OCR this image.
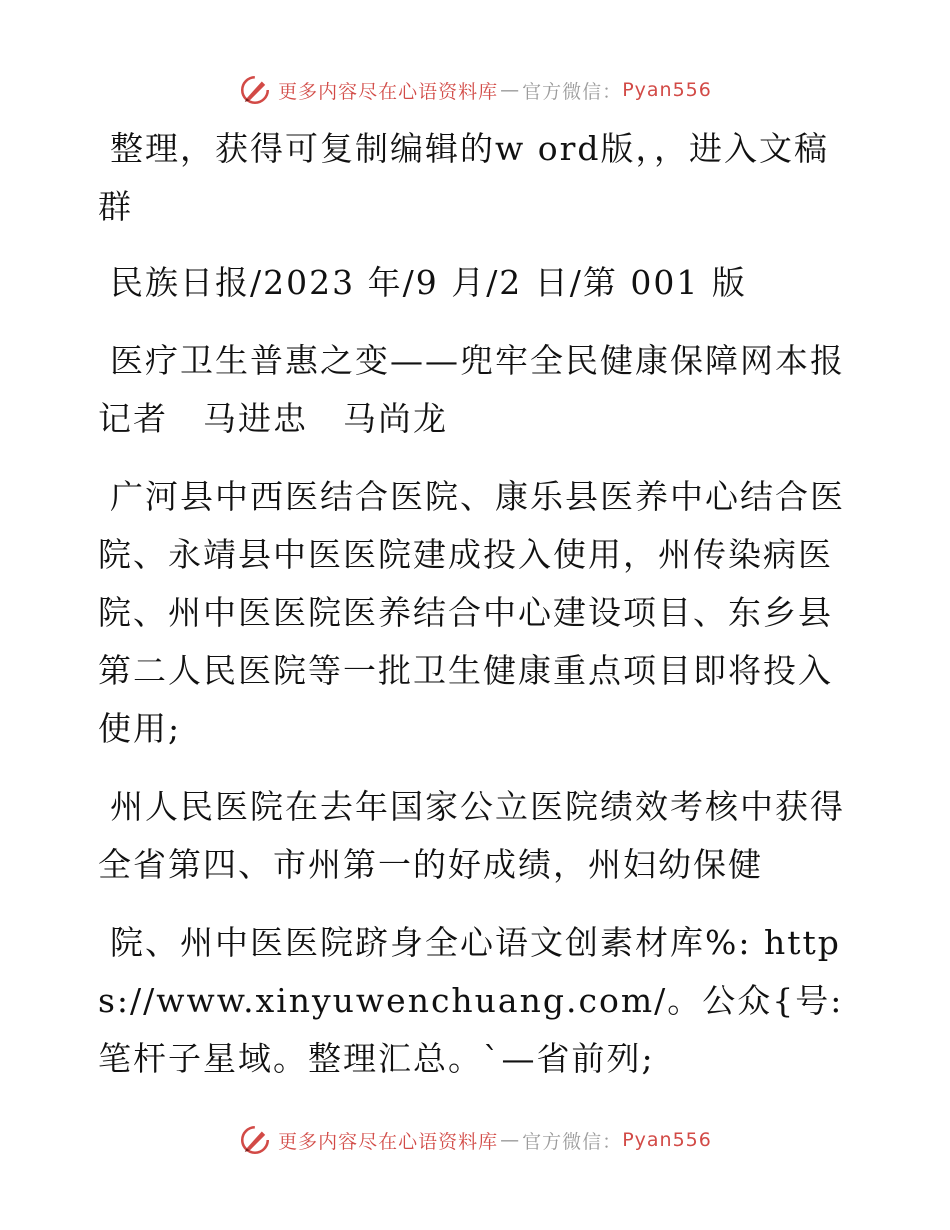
更多内容尽在心语资料库 — 官方微信： Pyan556

整理，获得可复制编辑的w ord版，，进入文稿群

民族日报/2023 年/9 月/2 日/第 001 版

医疗卫生普惠之变——兜牢全民健康保障网本报记者　马进忠　马尚龙

广河县中西医结合医院、康乐县医养中心结合医院、永靖县中医医院建成投入使用，州传染病医院、州中医医院医养结合中心建设项目、东乡县第二人民医院等一批卫生健康重点项目即将投入使用;

州人民医院在去年国家公立医院绩效考核中获得全省第四、市州第一的好成绩，州妇幼保健

院、州中医医院跻身全心语文创素材库%: https://www.xinyuwenchuang.com/。公众{号: 笔杆子星域。整理汇总。`—省前列;

更多内容尽在心语资料库 — 官方微信： Pyan556
